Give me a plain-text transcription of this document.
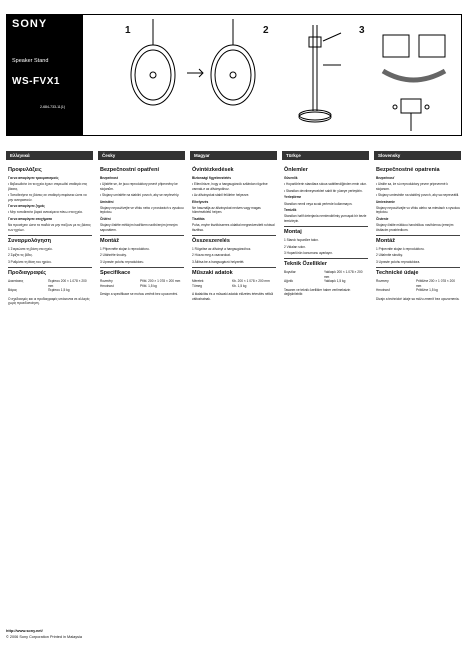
SONY
Speaker Stand
WS-FVX1
2-684-733-11(1)
1	2	3
Ελληνικά	Česky	Magyar	Türkçe	Slovensky
Προφυλάξεις
Για να αποφύγετε τραυματισμούς
• Βεβαιωθείτε ότι τα ηχεία έχουν στερεωθεί σταθερά στις βάσεις.
• Τοποθετήστε τις βάσεις σε σταθερή επιφάνεια ώστε να μην ανατραπούν.
Για να αποφύγετε ζημιές
• Μην τοποθετείτε βαριά αντικείμενα πάνω στα ηχεία.
Για να αποφύγετε ατυχήματα
Να προσέχετε ώστε τα παιδιά να μην παίζουν με τις βάσεις των ηχείων.
Συναρμολόγηση
1 Στερεώστε τη βάση στο ηχείο.
2 Σφίξτε τις βίδες.
3 Ρυθμίστε τη θέση του ηχείου.
Προδιαγραφές
Διαστάσεις	Περίπου 200 × 1.078 × 200 mm
Βάρος	Περίπου 1,5 kg
Ο σχεδιασμός και οι προδιαγραφές υπόκεινται σε αλλαγές χωρίς προειδοποίηση.
Bezpečnostní opatření
Bezpečnost
• Ujistěte se, že jsou reproduktory pevně připevněny ke stojanům.
• Stojany umístěte na stabilní povrch, aby se nepřevrhly.
Umístění
Stojany nepoužívejte ve vlhku nebo v prostorách s vysokou teplotou.
Čištění
Stojany čistěte měkkým hadříkem navlhčeným jemným saponátem.
Montáž
1 Připevněte stojan k reproduktoru.
2 Utáhněte šrouby.
3 Upravte polohu reproduktoru.
Specifikace
Rozměry	Přibl. 200 × 1 078 × 200 mm
Hmotnost	Přibl. 1,5 kg
Design a specifikace se mohou změnit bez upozornění.
Óvintézkedések
Biztonsági figyelmeztetés
• Ellenőrizze, hogy a hangsugárzók szilárdan rögzítve vannak-e az állványokhoz.
• Az állványokat stabil felületre helyezze.
Elhelyezés
Ne használja az állványokat nedves vagy magas hőmérsékletű helyen.
Tisztítás
Puha, enyhe tisztítószeres oldattal megnedvesített ruhával tisztítsa.
Összeszerelés
1 Rögzítse az állványt a hangsugárzóhoz.
2 Húzza meg a csavarokat.
3 Állítsa be a hangsugárzó helyzetét.
Műszaki adatok
Méretek	Kb. 200 × 1 078 × 200 mm
Tömeg	Kb. 1,5 kg
A kialakítás és a műszaki adatok előzetes értesítés nélkül változhatnak.
Önlemler
Güvenlik
• Hoparlörlerin standlara sıkıca sabitlendiğinden emin olun.
• Standları devrilmeyecekleri sabit bir yüzeye yerleştirin.
Yerleştirme
Standları nemli veya sıcak yerlerde kullanmayın.
Temizlik
Standları hafif deterjanla nemlendirilmiş yumuşak bir bezle temizleyin.
Montaj
1 Standı hoparlöre takın.
2 Vidaları sıkın.
3 Hoparlörün konumunu ayarlayın.
Teknik Özellikler
Boyutlar	Yaklaşık 200 × 1.078 × 200 mm
Ağırlık	Yaklaşık 1,5 kg
Tasarım ve teknik özellikler haber verilmeksizin değiştirilebilir.
Bezpečnostné opatrenia
Bezpečnosť
• Uistite sa, že sú reproduktory pevne pripevnené k stojanom.
• Stojany umiestnite na stabilný povrch, aby sa neprevrátili.
Umiestnenie
Stojany nepoužívajte vo vlhku alebo na miestach s vysokou teplotou.
Čistenie
Stojany čistite mäkkou handričkou navlhčenou jemným čistiacim prostriedkom.
Montáž
1 Pripevnite stojan k reproduktoru.
2 Utiahnite skrutky.
3 Upravte polohu reproduktora.
Technické údaje
Rozmery	Približne 200 × 1 078 × 200 mm
Hmotnosť	Približne 1,5 kg
Dizajn a technické údaje sa môžu zmeniť bez upozornenia.
http://www.sony.net/
© 2006 Sony Corporation Printed in Malaysia
